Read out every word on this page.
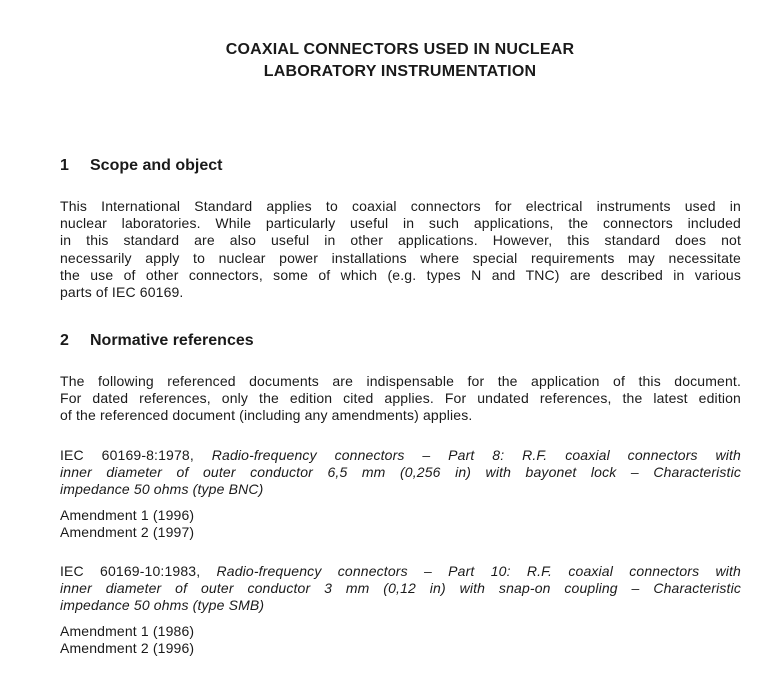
COAXIAL CONNECTORS USED IN NUCLEAR
LABORATORY INSTRUMENTATION
1 Scope and object
This International Standard applies to coaxial connectors for electrical instruments used in
nuclear laboratories. While particularly useful in such applications, the connectors included
in this standard are also useful in other applications. However, this standard does not
necessarily apply to nuclear power installations where special requirements may necessitate
the use of other connectors, some of which (e.g. types N and TNC) are described in various
parts of IEC 60169.
2 Normative references
The following referenced documents are indispensable for the application of this document.
For dated references, only the edition cited applies. For undated references, the latest edition
of the referenced document (including any amendments) applies.
IEC 60169-8:1978, Radio-frequency connectors – Part 8: R.F. coaxial connectors with
inner diameter of outer conductor 6,5 mm (0,256 in) with bayonet lock – Characteristic
impedance 50 ohms (type BNC)
Amendment 1 (1996)
Amendment 2 (1997)
IEC 60169-10:1983, Radio-frequency connectors – Part 10: R.F. coaxial connectors with
inner diameter of outer conductor 3 mm (0,12 in) with snap-on coupling – Characteristic
impedance 50 ohms (type SMB)
Amendment 1 (1986)
Amendment 2 (1996)
